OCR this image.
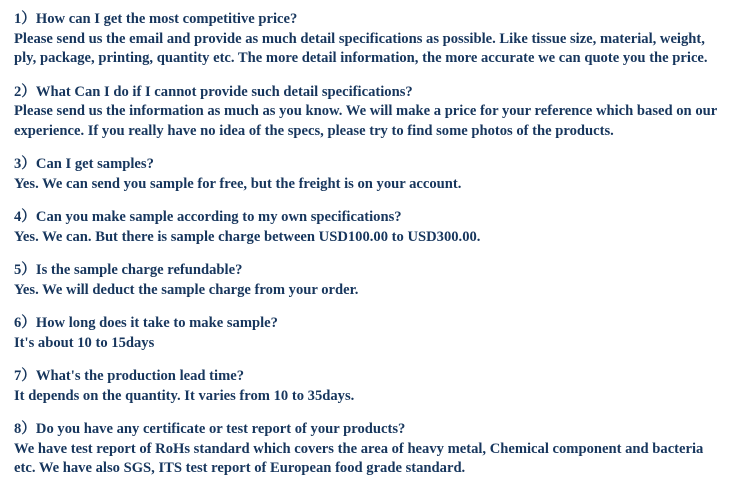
1）How can I get the most competitive price?

Please send us the email and provide as much detail specifications as possible. Like tissue size, material, weight,

ply, package, printing, quantity etc. The more detail information, the more accurate we can quote you the price.

2）What Can I do if I cannot provide such detail specifications?

Please send us the information as much as you know. We will make a price for your reference which based on our

experience. If you really have no idea of the specs, please try to find some photos of the products.

3）Can I get samples?

Yes. We can send you sample for free, but the freight is on your account.

4）Can you make sample according to my own specifications?

Yes. We can. But there is sample charge between USD100.00 to USD300.00.

5）Is the sample charge refundable?

Yes. We will deduct the sample charge from your order.

6）How long does it take to make sample?

It's about 10 to 15days

7）What's the production lead time?

It depends on the quantity. It varies from 10 to 35days.

8）Do you have any certificate or test report of your products?

We have test report of RoHs standard which covers the area of heavy metal, Chemical component and bacteria

etc. We have also SGS, ITS test report of European food grade standard.
